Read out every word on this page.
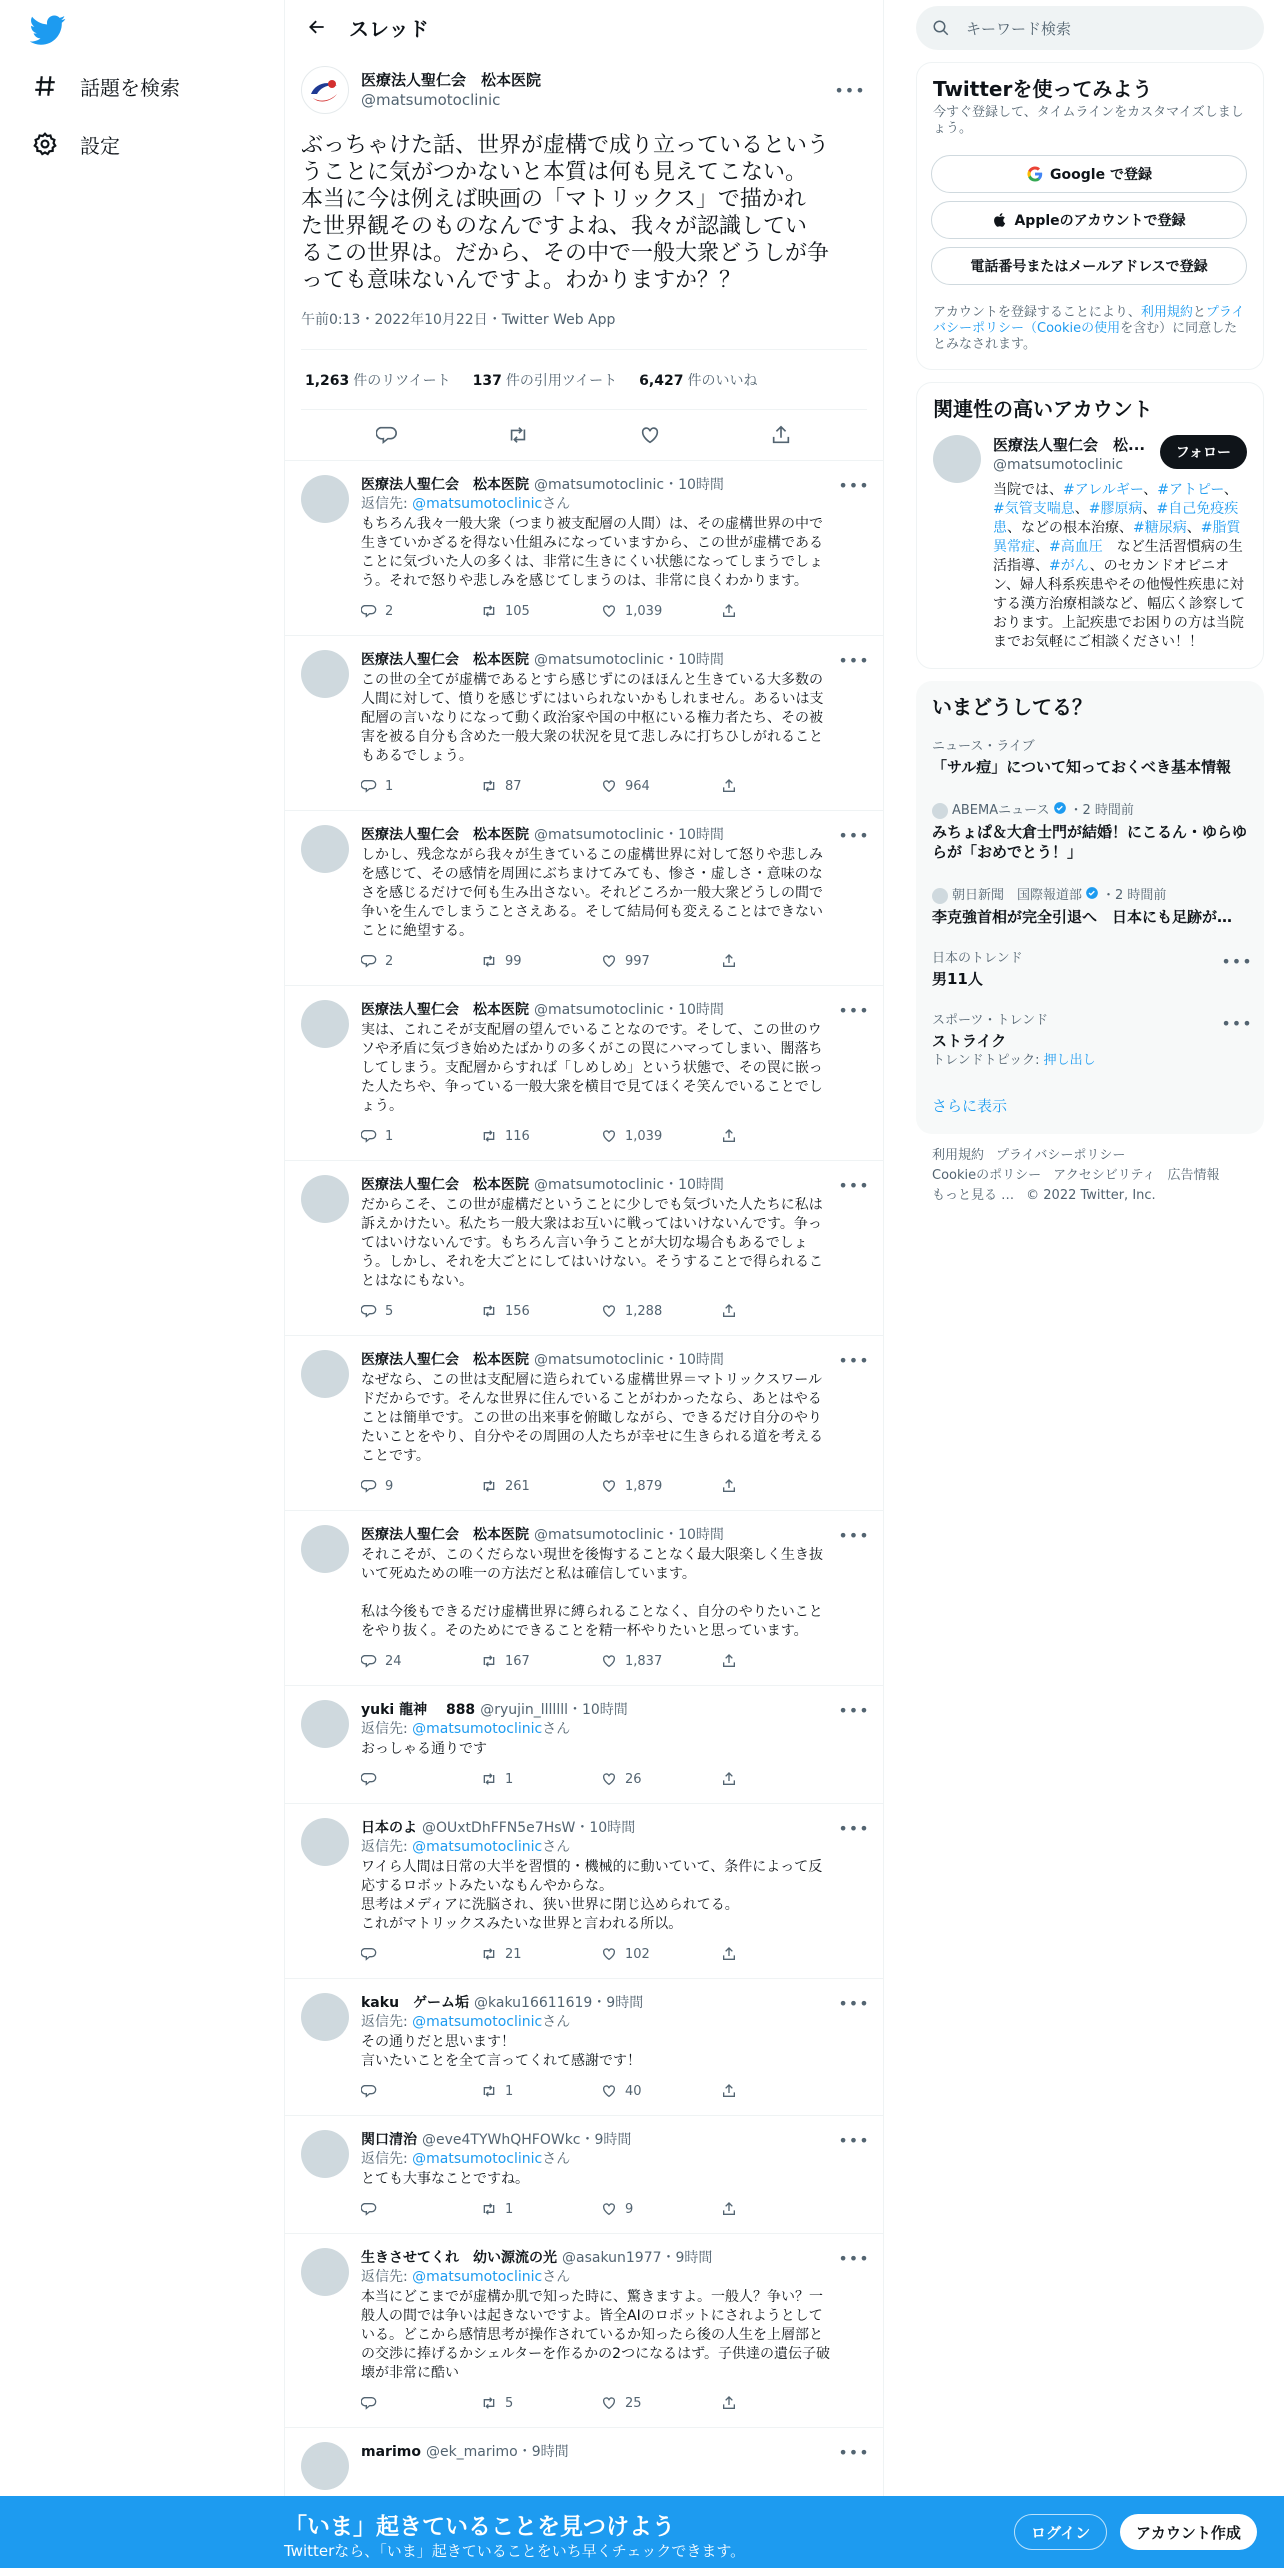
話題を検索
設定
スレッド
医療法人聖仁会　松本医院
@matsumotoclinic
•••
ぶっちゃけた話、世界が虚構で成り立っているという
うことに気がつかないと本質は何も見えてこない。
本当に今は例えば映画の「マトリックス」で描かれ
た世界観そのものなんですよね、我々が認識してい
るこの世界は。だから、その中で一般大衆どうしが争
っても意味ないんですよ。わかりますか？？
午前0:13・2022年10月22日・Twitter Web App
1,263 件のリツイート 137 件の引用ツイート 6,427 件のいいね
医療法人聖仁会　松本医院 @matsumotoclinic ・10時間	•••
返信先: @matsumotoclinicさん
もちろん我々一般大衆（つまり被支配層の人間）は、その虚構世界の中で
生きていかざるを得ない仕組みになっていますから、この世が虚構である
ことに気づいた人の多くは、非常に生きにくい状態になってしまうでしょ
う。それで怒りや悲しみを感じてしまうのは、非常に良くわかります。
2	105	1,039
医療法人聖仁会　松本医院 @matsumotoclinic ・10時間	•••
この世の全てが虚構であるとすら感じずにのほほんと生きている大多数の
人間に対して、憤りを感じずにはいられないかもしれません。あるいは支
配層の言いなりになって動く政治家や国の中枢にいる権力者たち、その被
害を被る自分も含めた一般大衆の状況を見て悲しみに打ちひしがれること
もあるでしょう。
1	87	964
医療法人聖仁会　松本医院 @matsumotoclinic ・10時間	•••
しかし、残念ながら我々が生きているこの虚構世界に対して怒りや悲しみ
を感じて、その感情を周囲にぶちまけてみても、惨さ・虚しさ・意味のな
さを感じるだけで何も生み出さない。それどころか一般大衆どうしの間で
争いを生んでしまうことさえある。そして結局何も変えることはできない
ことに絶望する。
2	99	997
医療法人聖仁会　松本医院 @matsumotoclinic ・10時間	•••
実は、これこそが支配層の望んでいることなのです。そして、この世のウ
ソや矛盾に気づき始めたばかりの多くがこの罠にハマってしまい、闇落ち
してしまう。支配層からすれば「しめしめ」という状態で、その罠に嵌っ
た人たちや、争っている一般大衆を横目で見てほくそ笑んでいることでし
ょう。
1	116	1,039
医療法人聖仁会　松本医院 @matsumotoclinic ・10時間	•••
だからこそ、この世が虚構だということに少しでも気づいた人たちに私は
訴えかけたい。私たち一般大衆はお互いに戦ってはいけないんです。争っ
てはいけないんです。もちろん言い争うことが大切な場合もあるでしょ
う。しかし、それを大ごとにしてはいけない。そうすることで得られるこ
とはなにもない。
5	156	1,288
医療法人聖仁会　松本医院 @matsumotoclinic ・10時間	•••
なぜなら、この世は支配層に造られている虚構世界＝マトリックスワール
ドだからです。そんな世界に住んでいることがわかったなら、あとはやる
ことは簡単です。この世の出来事を俯瞰しながら、できるだけ自分のやり
たいことをやり、自分やその周囲の人たちが幸せに生きられる道を考える
ことです。
9	261	1,879
医療法人聖仁会　松本医院 @matsumotoclinic ・10時間	•••
それこそが、このくだらない現世を後悔することなく最大限楽しく生き抜
いて死ぬための唯一の方法だと私は確信しています。

私は今後もできるだけ虚構世界に縛られることなく、自分のやりたいこと
をやり抜く。そのためにできることを精一杯やりたいと思っています。
24	167	1,837
yuki 龍神　 888 @ryujin_lllllll ・10時間	•••
返信先: @matsumotoclinicさん
おっしゃる通りです
1	26
日本のよ @OUxtDhFFN5e7HsW ・10時間	•••
返信先: @matsumotoclinicさん
ワイら人間は日常の大半を習慣的・機械的に動いていて、条件によって反
応するロボットみたいなもんやからな。
思考はメディアに洗脳され、狭い世界に閉じ込められてる。
これがマトリックスみたいな世界と言われる所以。
21	102
kaku　ゲーム垢 @kaku16611619 ・9時間	•••
返信先: @matsumotoclinicさん
その通りだと思います！
言いたいことを全て言ってくれて感謝です！
1	40
関口清治 @eve4TYWhQHFOWkc ・9時間	•••
返信先: @matsumotoclinicさん
とても大事なことですね。
1	9
生きさせてくれ　幼い源流の光 @asakun1977 ・9時間	•••
返信先: @matsumotoclinicさん
本当にどこまでが虚構か肌で知った時に、驚きますよ。一般人？争い？一
般人の間では争いは起きないですよ。皆全AIのロボットにされようとして
いる。どこから感情思考が操作されているか知ったら後の人生を上層部と
の交渉に捧げるかシェルターを作るかの2つになるはず。子供達の遺伝子破
壊が非常に酷い
5	25
marimo @ek_marimo ・9時間	•••
キーワード検索
Twitterを使ってみよう

今すぐ登録して、タイムラインをカスタマイズしましょう。

Google で登録
Appleのアカウントで登録
電話番号またはメールアドレスで登録
アカウントを登録することにより、利用規約とプライバシーポリシー（Cookieの使用を含む）に同意したとみなされます。
関連性の高いアカウント
医療法人聖仁会　松...
@matsumotoclinic
フォロー
当院では、#アレルギー、#アトピー、#気管支喘息、#膠原病、#自己免疫疾患、などの根本治療、#糖尿病、#脂質異常症、#高血圧　など生活習慣病の生活指導、#がん、のセカンドオピニオン、婦人科系疾患やその他慢性疾患に対する漢方治療相談など、幅広く診察しております。上記疾患でお困りの方は当院までお気軽にご相談ください！！
いまどうしてる？
ニュース・ライブ
「サル痘」について知っておくべき基本情報
ABEMAニュース ・2 時間前
みちょぱ＆大倉士門が結婚！にこるん・ゆらゆらが「おめでとう！」
朝日新聞　国際報道部 ・2 時間前
李克強首相が完全引退へ　日本にも足跡が…
日本のトレンド
男11人
•••
スポーツ・トレンド
ストライク
トレンドトピック: 押し出し
•••
さらに表示
利用規約 プライバシーポリシー
Cookieのポリシー アクセシビリティ 広告情報
もっと見る … © 2022 Twitter, Inc.
「いま」起きていることを見つけよう
Twitterなら、「いま」起きていることをいち早くチェックできます。
ログイン	アカウント作成
